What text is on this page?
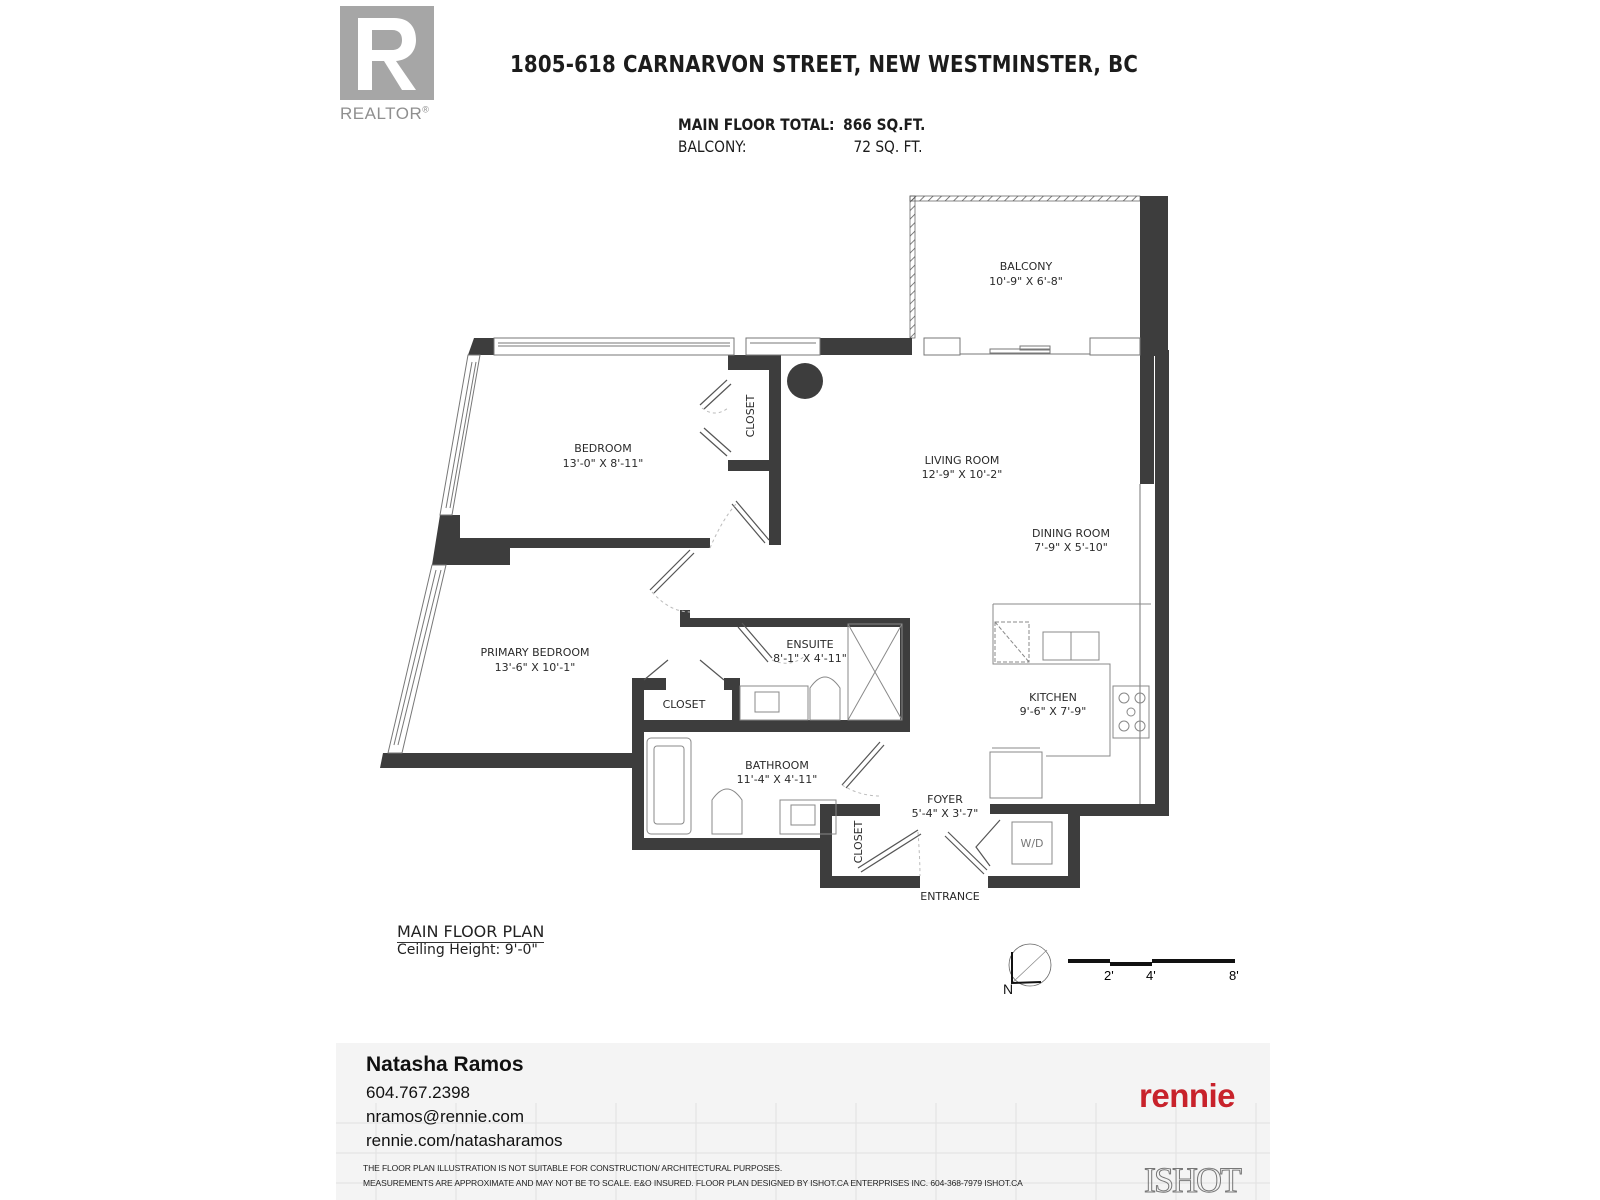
REALTOR®
1805-618 CARNARVON STREET, NEW WESTMINSTER, BC
MAIN FLOOR TOTAL: 866 SQ.FT.
BALCONY:	72 SQ. FT.
BALCONY
10'-9" X 6'-8"
BEDROOM
13'-0" X 8'-11"
CLOSET
LIVING ROOM
12'-9" X 10'-2"
DINING ROOM
7'-9" X 5'-10"
PRIMARY BEDROOM
13'-6" X 10'-1"
ENSUITE
8'-1" X 4'-11"
CLOSET
KITCHEN
9'-6" X 7'-9"
BATHROOM
11'-4" X 4'-11"
FOYER
5'-4" X 3'-7"
CLOSET	W/D
ENTRANCE
N
2' 4'	8'
MAIN FLOOR PLAN
Ceiling Height: 9'-0"
Natasha Ramos
604.767.2398
nramos@rennie.com
rennie.com/natasharamos
THE FLOOR PLAN ILLUSTRATION IS NOT SUITABLE FOR CONSTRUCTION/ ARCHITECTURAL PURPOSES.
MEASUREMENTS ARE APPROXIMATE AND MAY NOT BE TO SCALE. E&O INSURED. FLOOR PLAN DESIGNED BY ISHOT.CA ENTERPRISES INC. 604-368-7979 ISHOT.CA
rennie
ISHOT
